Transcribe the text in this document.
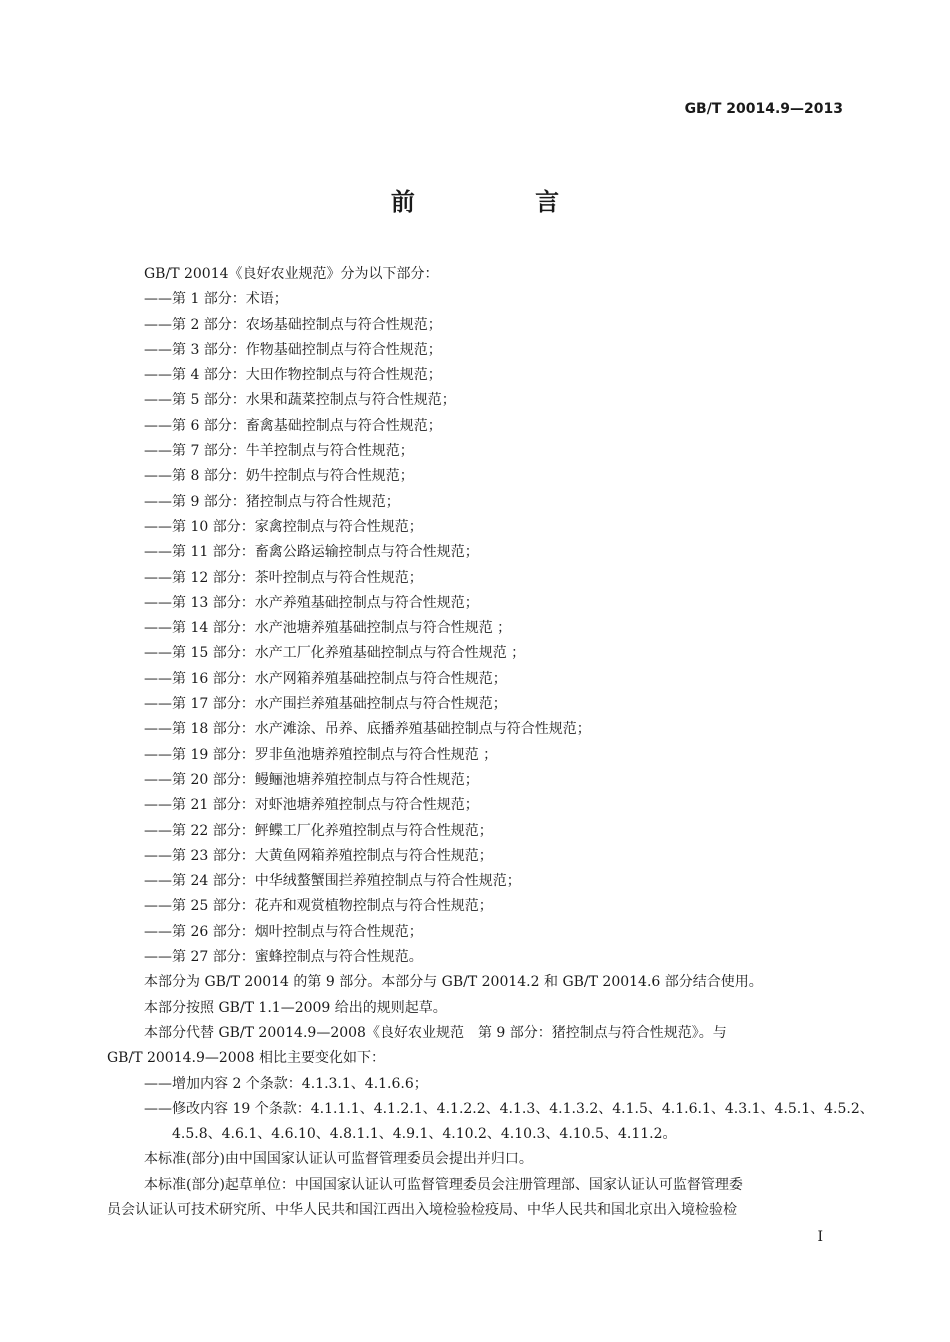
GB/T 20014.9—2013
前 言
GB/T 20014《良好农业规范》分为以下部分：
——第 1 部分：术语；
——第 2 部分：农场基础控制点与符合性规范；
——第 3 部分：作物基础控制点与符合性规范；
——第 4 部分：大田作物控制点与符合性规范；
——第 5 部分：水果和蔬菜控制点与符合性规范；
——第 6 部分：畜禽基础控制点与符合性规范；
——第 7 部分：牛羊控制点与符合性规范；
——第 8 部分：奶牛控制点与符合性规范；
——第 9 部分：猪控制点与符合性规范；
——第 10 部分：家禽控制点与符合性规范；
——第 11 部分：畜禽公路运输控制点与符合性规范；
——第 12 部分：茶叶控制点与符合性规范；
——第 13 部分：水产养殖基础控制点与符合性规范；
——第 14 部分：水产池塘养殖基础控制点与符合性规范 ；
——第 15 部分：水产工厂化养殖基础控制点与符合性规范 ；
——第 16 部分：水产网箱养殖基础控制点与符合性规范；
——第 17 部分：水产围拦养殖基础控制点与符合性规范；
——第 18 部分：水产滩涂、吊养、底播养殖基础控制点与符合性规范；
——第 19 部分：罗非鱼池塘养殖控制点与符合性规范 ；
——第 20 部分：鳗鲡池塘养殖控制点与符合性规范；
——第 21 部分：对虾池塘养殖控制点与符合性规范；
——第 22 部分：鲆鲽工厂化养殖控制点与符合性规范；
——第 23 部分：大黄鱼网箱养殖控制点与符合性规范；
——第 24 部分：中华绒螯蟹围拦养殖控制点与符合性规范；
——第 25 部分：花卉和观赏植物控制点与符合性规范；
——第 26 部分：烟叶控制点与符合性规范；
——第 27 部分：蜜蜂控制点与符合性规范。
本部分为 GB/T 20014 的第 9 部分。本部分与 GB/T 20014.2 和 GB/T 20014.6 部分结合使用。
本部分按照 GB/T 1.1—2009 给出的规则起草。
本部分代替 GB/T 20014.9—2008《良好农业规范　第 9 部分：猪控制点与符合性规范》。与
GB/T 20014.9—2008 相比主要变化如下：
——增加内容 2 个条款：4.1.3.1、4.1.6.6；
——修改内容 19 个条款：4.1.1.1、4.1.2.1、4.1.2.2、4.1.3、4.1.3.2、4.1.5、4.1.6.1、4.3.1、4.5.1、4.5.2、
4.5.8、4.6.1、4.6.10、4.8.1.1、4.9.1、4.10.2、4.10.3、4.10.5、4.11.2。
本标准(部分)由中国国家认证认可监督管理委员会提出并归口。
本标准(部分)起草单位：中国国家认证认可监督管理委员会注册管理部、国家认证认可监督管理委
员会认证认可技术研究所、中华人民共和国江西出入境检验检疫局、中华人民共和国北京出入境检验检
I
